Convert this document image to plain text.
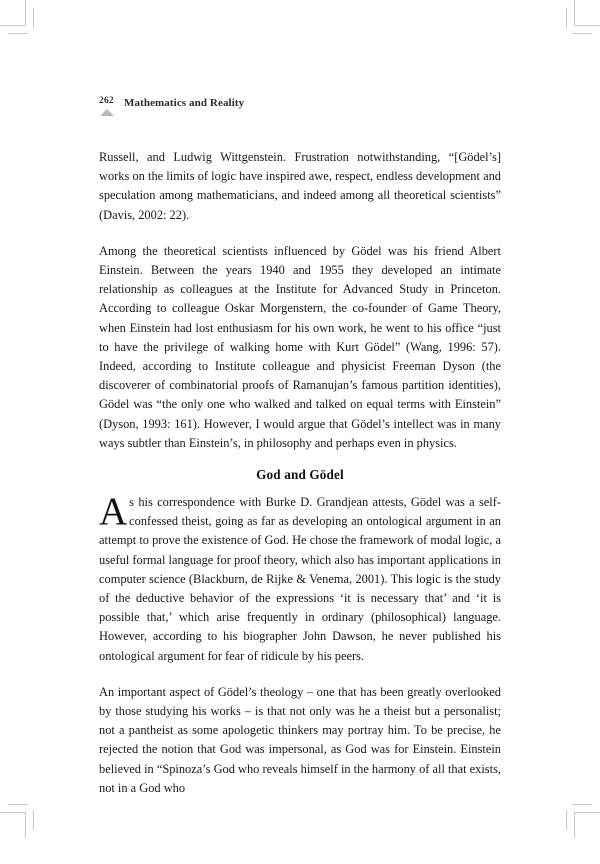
262 Mathematics and Reality

Russell, and Ludwig Wittgenstein. Frustration notwithstanding, “[Gödel’s] works on the limits of logic have inspired awe, respect, endless development and speculation among mathematicians, and indeed among all theoretical scientists” (Davis, 2002: 22).

Among the theoretical scientists influenced by Gödel was his friend Albert Einstein. Between the years 1940 and 1955 they developed an intimate relationship as colleagues at the Institute for Advanced Study in Princeton. According to colleague Oskar Morgenstern, the co-founder of Game Theory, when Einstein had lost enthusiasm for his own work, he went to his office “just to have the privilege of walking home with Kurt Gödel” (Wang, 1996: 57). Indeed, according to Institute colleague and physicist Freeman Dyson (the discoverer of combinatorial proofs of Ramanujan’s famous partition identities), Gödel was “the only one who walked and talked on equal terms with Einstein” (Dyson, 1993: 161). However, I would argue that Gödel’s intellect was in many ways subtler than Einstein’s, in philosophy and perhaps even in physics.

God and Gödel

As his correspondence with Burke D. Grandjean attests, Gödel was a self-confessed theist, going as far as developing an ontological argument in an attempt to prove the existence of God. He chose the framework of modal logic, a useful formal language for proof theory, which also has important applications in computer science (Blackburn, de Rijke & Venema, 2001). This logic is the study of the deductive behavior of the expressions ‘it is necessary that’ and ‘it is possible that,’ which arise frequently in ordinary (philosophical) language. However, according to his biographer John Dawson, he never published his ontological argument for fear of ridicule by his peers.

An important aspect of Gödel’s theology – one that has been greatly overlooked by those studying his works – is that not only was he a theist but a personalist; not a pantheist as some apologetic thinkers may portray him. To be precise, he rejected the notion that God was impersonal, as God was for Einstein. Einstein believed in “Spinoza’s God who reveals himself in the harmony of all that exists, not in a God who
